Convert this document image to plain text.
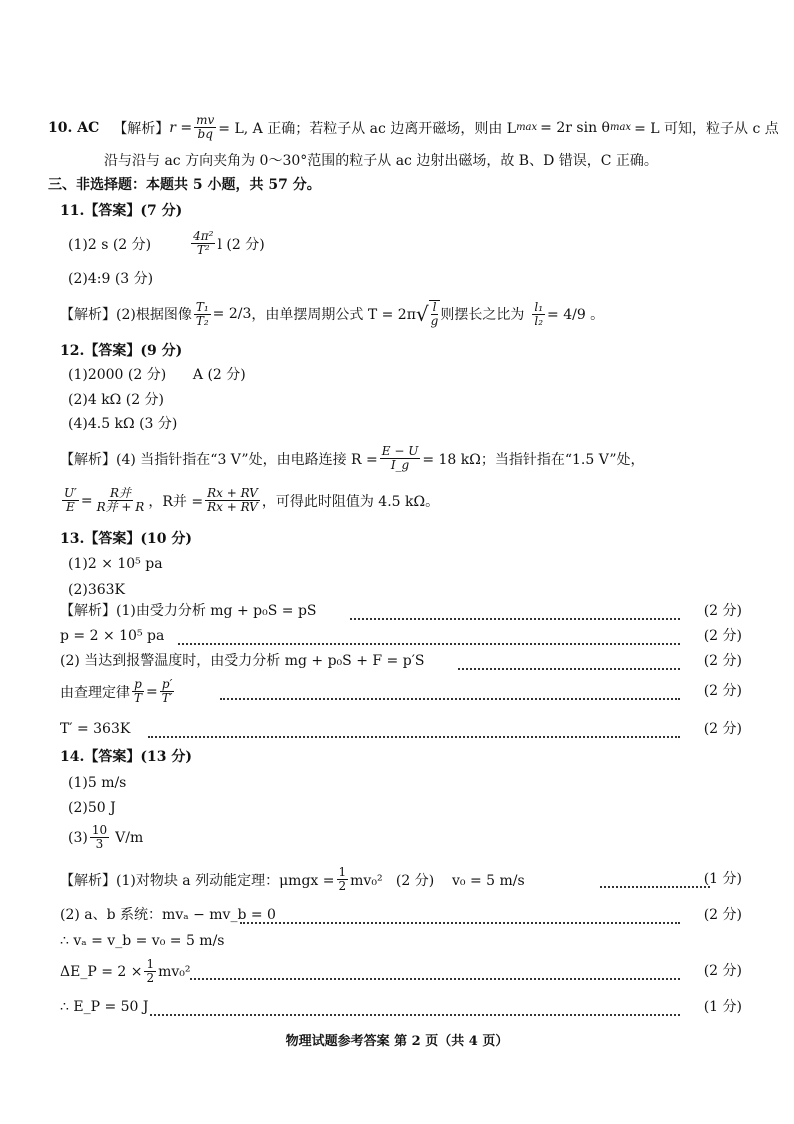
10. AC 【解析】 $r = \frac{mv}{bq} = L$, A 正确；若粒子从 ac 边离开磁场，则由 L max = 2r sin θ max = L 可知，粒子从 c 点
沿与沿与 ac 方向夹角为 0～30°范围的粒子从 ac 边射出磁场，故 B、D 错误，C 正确。
三、非选择题：本题共 5 小题，共 57 分。
11.【答案】(7 分)
(1)2 s (2 分)	$\frac{\text{4π²}}{\text{T²}}$ l (2 分)
(2)4:9 (3 分)
【解析】(2)根据图像 $\frac{\text{T₁}}{\text{T₂}} = 2/3$ ，由单摆周期公式 T = 2π √ l
g 则摆长之比为 $\frac{\text{l₁}}{\text{l₂}} = 4/9$ 。
12.【答案】(9 分)
(1)2000 (2 分)      A (2 分)
(2)4 kΩ (2 分)
(4)4.5 kΩ (3 分)
【解析】(4) 当指针指在“3 V”处，由电路连接 $R = \frac{E - U}{I\_g} = 18$ kΩ；当指针指在“1.5 V”处，
$\frac{U'}{E} = \frac{\text{R并}}{\text{R并 + R}}$ ，R并 = $\frac{Rx + RV}{Rx + RV}$ ，可得此时阻值为 4.5 kΩ。
13.【答案】(10 分)
(1)2 × 10⁵ pa
(2)363K
【解析】(1)由受力分析 mg + p₀S = pS	(2 分)
p = 2 × 10⁵ pa	(2 分)
(2) 当达到报警温度时，由受力分析 mg + p₀S + F = p′S	(2 分)
由查理定律 $\frac{p}{T} = \frac{p'}{T'}$	(2 分)
T′ = 363K	(2 分)
14.【答案】(13 分)
(1)5 m/s
(2)50 J
$(3) \frac{10}{3} V/m$
【解析】(1)对物块 a 列动能定理：$\mu mgx = \frac{1}{2} mv_0^2$   (2 分)    v₀ = 5 m/s	(1 分)
(2) a、b 系统：mvₐ − mv_b = 0	(2 分)
∴ vₐ = v_b = v₀ = 5 m/s
ΔE_P = $2 \times \frac{1}{2} mv_0^2$	(2 分)
∴ E_P = 50 J	(1 分)
物理试题参考答案 第 2 页（共 4 页）
